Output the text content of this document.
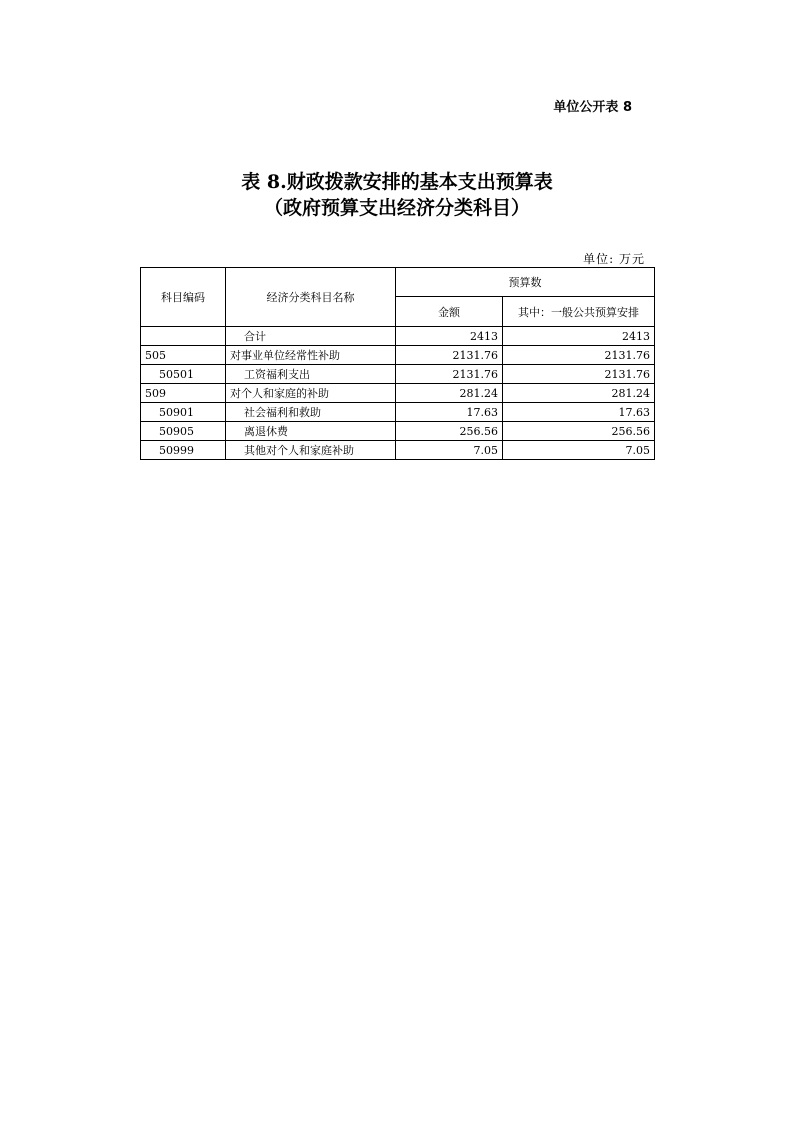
单位公开表 8
表 8.财政拨款安排的基本支出预算表
（政府预算支出经济分类科目）
单位: 万元
科目编码	经济分类科目名称	预算数	
		金额	其中：一般公共预算安排
	合计	2413	2413
505	对事业单位经常性补助	2131.76	2131.76
50501	工资福利支出	2131.76	2131.76
509	对个人和家庭的补助	281.24	281.24
50901	社会福利和救助	17.63	17.63
50905	离退休费	256.56	256.56
50999	其他对个人和家庭补助	7.05	7.05
